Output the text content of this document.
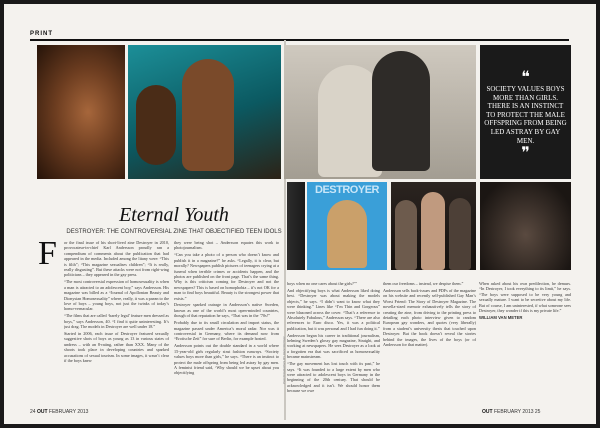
PRINT
❝
SOCIETY VALUES BOYS MORE THAN GIRLS. THERE IS AN INSTINCT TO PROTECT THE MALE OFFSPRING FROM BEING LED ASTRAY BY GAY MEN.
❞
Eternal Youth
DESTROYER: THE CONTROVERSIAL ZINE THAT OBJECTIFIED TEEN IDOLS
F or the final issue of his short-lived zine Destroyer in 2010, provocateur-in-chief Karl Andersson proudly ran a compendium of comments about the publication that had appeared in the media. Included among the litany were: “This is filth”; “This magazine sexualises children”; “It is really, really disgusting”. But these attacks were not from right-wing politicians – they appeared in the gay press.

“The most controversial expression of homosexuality is when a man is attracted to an adolescent boy,” says Andersson. His magazine was billed as a “Journal of Apollonian Beauty and Dionysian Homosexuality” where, really, it was a paean to the love of boys – young boys, not just the twinks of today’s homo-vernacular.

“The films that are called ‘barely legal’ feature men dressed as boys,” says Andersson, 40. “I find it quite uninteresting. It’s just drag. The models in Destroyer are well under 18.”

Started in 2006, each issue of Destroyer featured sexually suggestive shots of boys as young as 13 in various states of undress – with an 8-rating, rather than XXX. Many of the shoots took place in developing countries and sparked accusations of sexual tourism. In some images, it wasn’t clear if the boys knew

they were being shot – Andersson equates this work to photojournalism.

“Can you take a photo of a person who doesn’t know and publish it in a magazine?” he asks. “Legally, it is clear, but morally? Newspapers publish pictures of teenagers crying at a funeral when terrible crimes or accidents happen, and the photos are published on the front page. That’s the same thing. Why is this criticism coming for Destroyer and not the newspapers? This is based on homophobia – it’s not OK for a man to find boys beautiful. Beauty is the strongest power that exists.”

Destroyer sparked outrage in Andersson’s native Sweden, known as one of the world’s most open-minded countries, though of that reputation he says, “That was in the ’70s!”

Probably due to its small circulation and import status, the magazine passed under America’s moral radar. Nor was it controversial in Germany, where its demand now from “Erotische Zeit” for sure of Berlin, for example hosted.

Andersson points out the double standard in a world where 15-year-old girls regularly strut fashion runways. “Society values boys more than girls,” he says. “There is an instinct to protect the male offspring from being led astray by gay men. A feminist friend said, ‘Why should we be upset about you objectifying

DESTROYER
PHOTOGRAPHS BY DESTROYER

boys when no one cares about the girls?’”

And objectifying boys is what Andersson liked doing best. “Destroyer was about making the models objects,” he says. “I didn’t want to know what they were thinking.” Lines like “I’m Thin and Gorgeous” were blazoned across the cover. “That’s a reference to Absolutely Fabulous,” Andersson says. “There are also references to Euro disco. Yes, it was a political publication, but it was personal and I had fun doing it.”

Andersson began his career in traditional journalism, helming Sweden’s glossy gay magazine, Straight, and working at newspapers. He sees Destroyer as a look at a forgotten era that was sacrificed as homosexuality became mainstream.

“The gay movement has lost touch with its past,” he says. “It was founded to a large extent by men who were attracted to adolescent boys in Germany in the beginning of the 20th century. That should be acknowledged and it isn’t. We should honor them because we owe

them our freedoms – instead, we despise them.”

Andersson sells back-issues and PDFs of the magazine on his website and recently self-published Gay Man’s Worst Friend: The Story of Destroyer Magazine. The novella-sized memoir exhaustively tells the story of creating the zine, from driving to the printing press to detailing each photo interview given to random European gay wonders, and quotes (very liberally) from a student’s university thesis that touched upon Destroyer. But the book doesn’t reveal the stories behind the images, the lives of the boys (or of Andersson for that matter).

When asked about his own predilection, he demurs. “In Destroyer, I took everything to its limit,” he says. “The boys were supposed to be very young and sexually mature. I want to be secretive about my life. But of course, I am uninterested, if what someone sees Destroyer, they wonder if this is my private life.”

WILLIAM VAN METER

24 OUT FEBRUARY 2013	OUT FEBRUARY 2013 25
